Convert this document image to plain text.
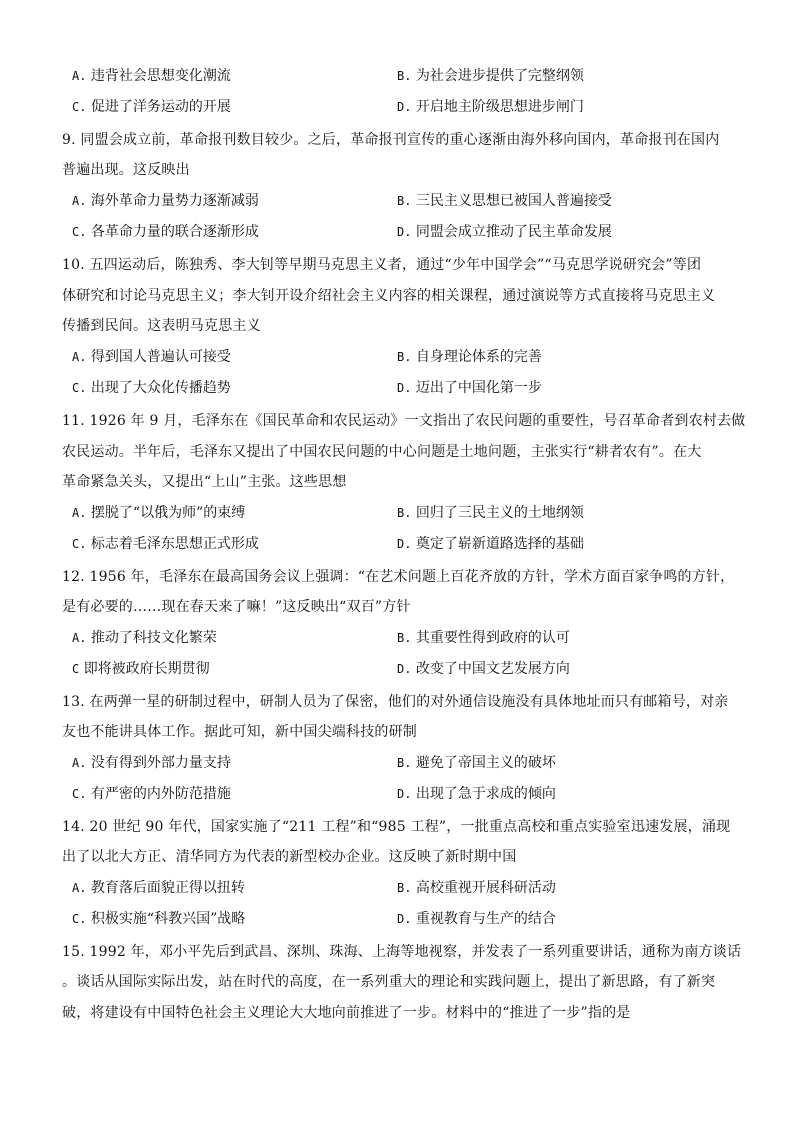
A. 违背社会思想变化潮流	B. 为社会进步提供了完整纲领
C. 促进了洋务运动的开展	D. 开启地主阶级思想进步闸门
9. 同盟会成立前，革命报刊数目较少。之后，革命报刊宣传的重心逐渐由海外移向国内，革命报刊在国内
普遍出现。这反映出
A. 海外革命力量势力逐渐减弱	B. 三民主义思想已被国人普遍接受
C. 各革命力量的联合逐渐形成	D. 同盟会成立推动了民主革命发展
10. 五四运动后，陈独秀、李大钊等早期马克思主义者，通过“少年中国学会”“马克思学说研究会”等团
体研究和讨论马克思主义；李大钊开设介绍社会主义内容的相关课程，通过演说等方式直接将马克思主义
传播到民间。这表明马克思主义
A. 得到国人普遍认可接受	B. 自身理论体系的完善
C. 出现了大众化传播趋势	D. 迈出了中国化第一步
11. 1926 年 9 月，毛泽东在《国民革命和农民运动》一文指出了农民问题的重要性，号召革命者到农村去做
农民运动。半年后，毛泽东又提出了中国农民问题的中心问题是土地问题，主张实行“耕者农有”。在大
革命紧急关头，又提出“上山”主张。这些思想
A. 摆脱了“以俄为师”的束缚	B. 回归了三民主义的土地纲领
C. 标志着毛泽东思想正式形成	D. 奠定了崭新道路选择的基础
12. 1956 年，毛泽东在最高国务会议上强调：“在艺术问题上百花齐放的方针，学术方面百家争鸣的方针，
是有必要的……现在春天来了嘛！”这反映出“双百”方针
A. 推动了科技文化繁荣	B. 其重要性得到政府的认可
C 即将被政府长期贯彻	D. 改变了中国文艺发展方向
13. 在两弹一星的研制过程中，研制人员为了保密，他们的对外通信设施没有具体地址而只有邮箱号，对亲
友也不能讲具体工作。据此可知，新中国尖端科技的研制
A. 没有得到外部力量支持	B. 避免了帝国主义的破坏
C. 有严密的内外防范措施	D. 出现了急于求成的倾向
14. 20 世纪 90 年代，国家实施了“211 工程”和“985 工程”，一批重点高校和重点实验室迅速发展，涌现
出了以北大方正、清华同方为代表的新型校办企业。这反映了新时期中国
A. 教育落后面貌正得以扭转	B. 高校重视开展科研活动
C. 积极实施“科教兴国”战略	D. 重视教育与生产的结合
15. 1992 年，邓小平先后到武昌、深圳、珠海、上海等地视察，并发表了一系列重要讲话，通称为南方谈话
。谈话从国际实际出发，站在时代的高度，在一系列重大的理论和实践问题上，提出了新思路，有了新突
破，将建设有中国特色社会主义理论大大地向前推进了一步。材料中的“推进了一步”指的是
